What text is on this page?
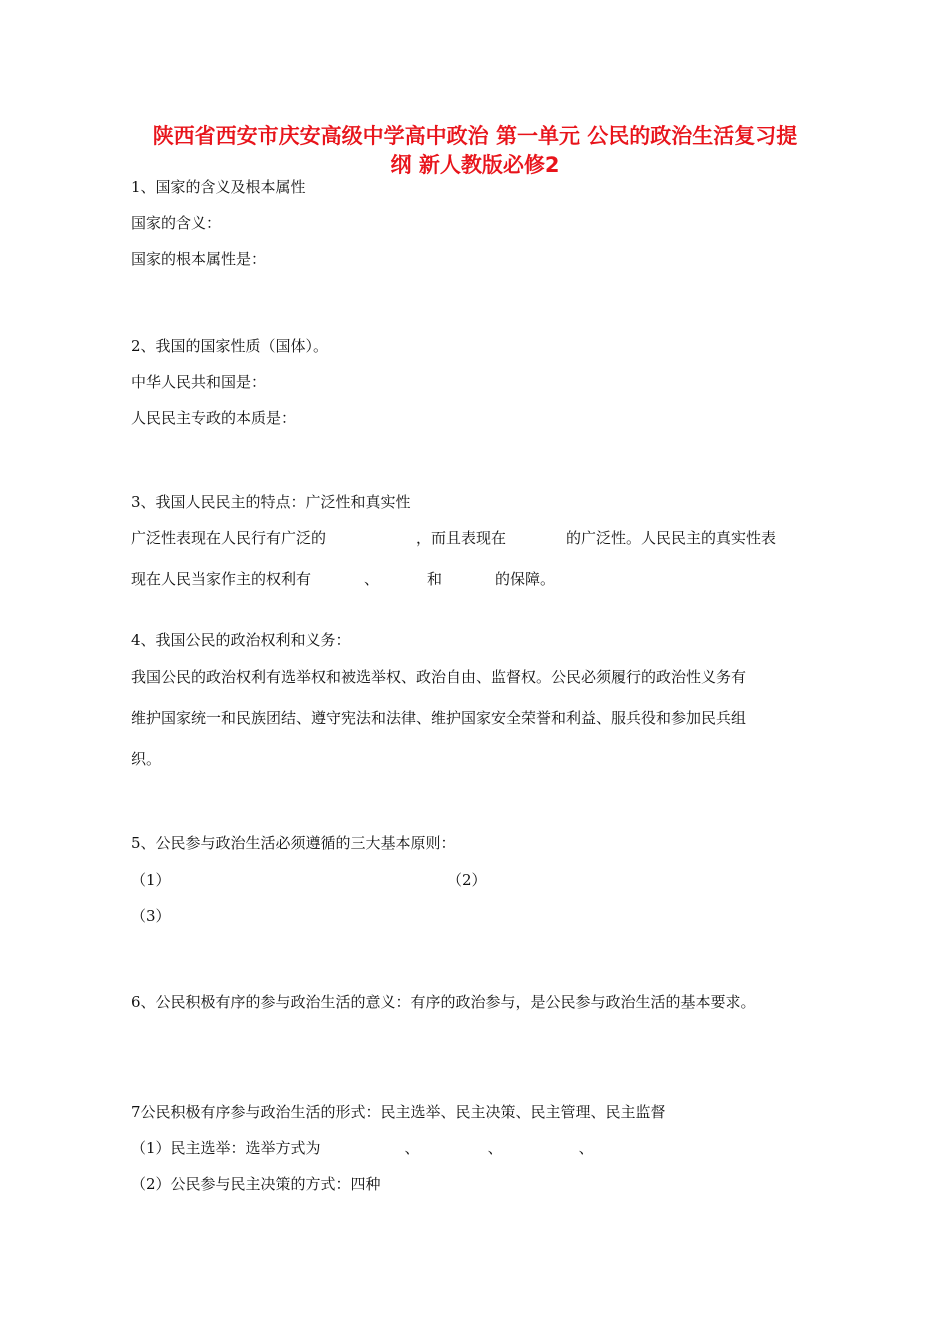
陕西省西安市庆安高级中学高中政治 第一单元 公民的政治生活复习提
纲 新人教版必修2
1、国家的含义及根本属性
国家的含义：
国家的根本属性是：
2、我国的国家性质（国体）。
中华人民共和国是：
人民民主专政的本质是：
3、我国人民民主的特点：广泛性和真实性
广泛性表现在人民行有广泛的	，而且表现在	的广泛性。人民民主的真实性表
现在人民当家作主的权利有	、	和	的保障。
4、我国公民的政治权利和义务：
我国公民的政治权利有选举权和被选举权、政治自由、监督权。公民必须履行的政治性义务有
维护国家统一和民族团结、遵守宪法和法律、维护国家安全荣誉和利益、服兵役和参加民兵组
织。
5、公民参与政治生活必须遵循的三大基本原则：
（1）	（2）
（3）
6、公民积极有序的参与政治生活的意义：有序的政治参与，是公民参与政治生活的基本要求。
7公民积极有序参与政治生活的形式：民主选举、民主决策、民主管理、民主监督
（1）民主选举：选举方式为	、	、	、
（2）公民参与民主决策的方式：四种
